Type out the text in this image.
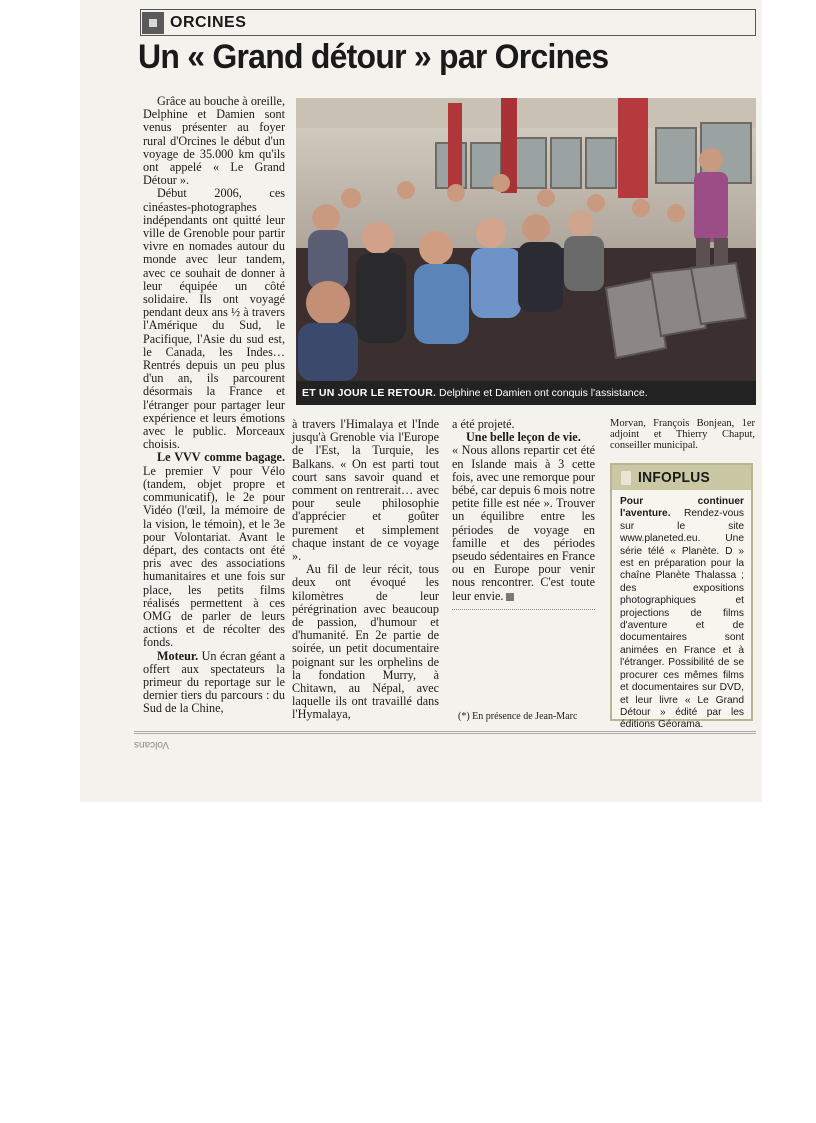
ORCINES
Un « Grand détour » par Orcines

Grâce au bouche à oreille, Delphine et Damien sont venus présenter au foyer rural d'Orcines le début d'un voyage de 35.000 km qu'ils ont appelé « Le Grand Détour ».

Début 2006, ces cinéastes-photographes indépendants ont quitté leur ville de Grenoble pour partir vivre en nomades autour du monde avec leur tandem, avec ce souhait de donner à leur équipée un côté solidaire. Ils ont voyagé pendant deux ans ½ à travers l'Amérique du Sud, le Pacifique, l'Asie du sud est, le Canada, les Indes… Rentrés depuis un peu plus d'un an, ils parcourent désormais la France et l'étranger pour partager leur expérience et leurs émotions avec le public. Morceaux choisis.

Le VVV comme bagage. Le premier V pour Vélo (tandem, objet propre et communicatif), le 2e pour Vidéo (l'œil, la mémoire de la vision, le témoin), et le 3e pour Volontariat. Avant le départ, des contacts ont été pris avec des associations humanitaires et une fois sur place, les petits films réalisés permettent à ces OMG de parler de leurs actions et de récolter des fonds.

Moteur. Un écran géant a offert aux spectateurs la primeur du reportage sur le dernier tiers du parcours : du Sud de la Chine,

ET UN JOUR LE RETOUR. Delphine et Damien ont conquis l'assistance.

à travers l'Himalaya et l'Inde jusqu'à Grenoble via l'Europe de l'Est, la Turquie, les Balkans. « On est parti tout court sans savoir quand et comment on rentrerait… avec pour seule philosophie d'apprécier et goûter purement et simplement chaque instant de ce voyage ».

Au fil de leur récit, tous deux ont évoqué les kilomètres de leur pérégrination avec beaucoup de passion, d'humour et d'humanité. En 2e partie de soirée, un petit documentaire poignant sur les orphelins de la fondation Murry, à Chitawn, au Népal, avec laquelle ils ont travaillé dans l'Hymalaya,

a été projeté.

Une belle leçon de vie.
« Nous allons repartir cet été en Islande mais à 3 cette fois, avec une remorque pour bébé, car depuis 6 mois notre petite fille est née ». Trouver un équilibre entre les périodes de voyage en famille et des périodes pseudo sédentaires en France ou en Europe pour venir nous rencontrer. C'est toute leur envie.

Morvan, François Bonjean, 1er adjoint et Thierry Chaput, conseiller municipal.

(*) En présence de Jean-Marc
INFOPLUS
Pour continuer l'aventure. Rendez-vous sur le site www.planeted.eu. Une série télé « Planète. D » est en préparation pour la chaîne Planète Thalassa ; des expositions photographiques et projections de films d'aventure et de documentaires sont animées en France et à l'étranger. Possibilité de se procurer ces mêmes films et documentaires sur DVD, et leur livre « Le Grand Détour » édité par les éditions Géorama.
Volcans
